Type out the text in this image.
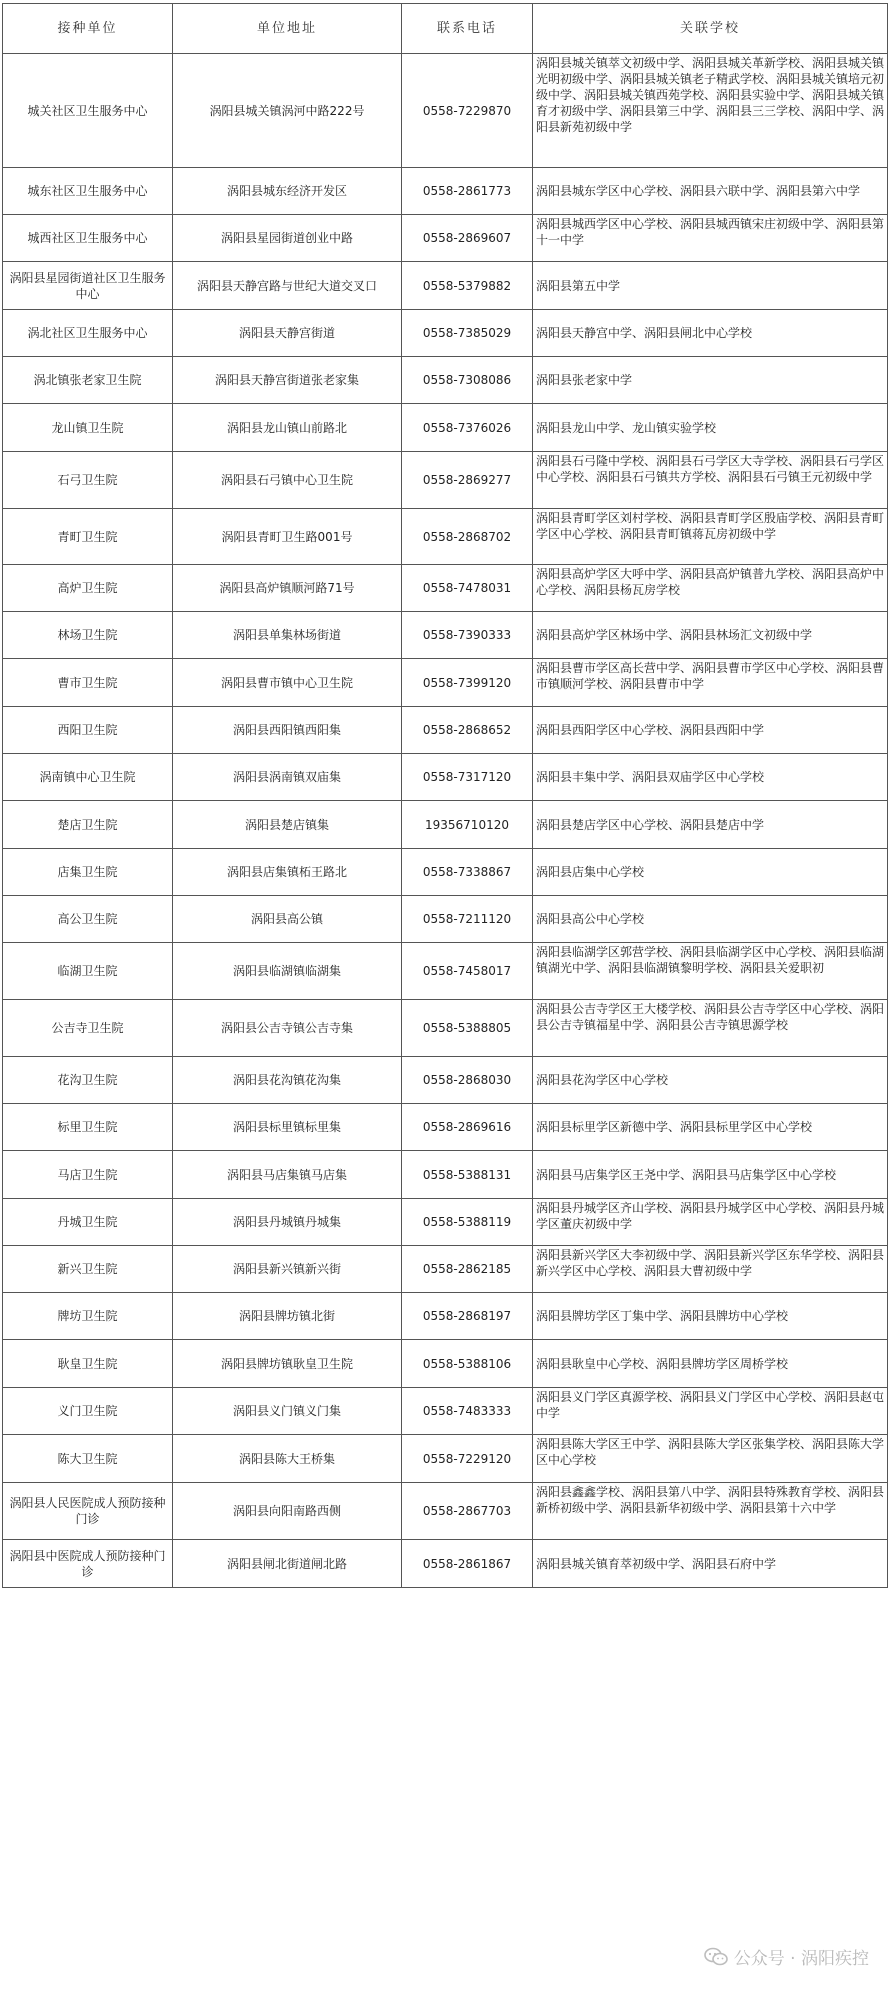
接种单位	单位地址	联系电话	关联学校
城关社区卫生服务中心	涡阳县城关镇涡河中路222号	0558-7229870	涡阳县城关镇萃文初级中学、涡阳县城关革新学校、涡阳县城关镇光明初级中学、涡阳县城关镇老子精武学校、涡阳县城关镇培元初级中学、涡阳县城关镇西苑学校、涡阳县实验中学、涡阳县城关镇育才初级中学、涡阳县第三中学、涡阳县三三学校、涡阳中学、涡阳县新苑初级中学
城东社区卫生服务中心	涡阳县城东经济开发区	0558-2861773	涡阳县城东学区中心学校、涡阳县六联中学、涡阳县第六中学
城西社区卫生服务中心	涡阳县星园街道创业中路	0558-2869607	涡阳县城西学区中心学校、涡阳县城西镇宋庄初级中学、涡阳县第十一中学
涡阳县星园街道社区卫生服务中心	涡阳县天静宫路与世纪大道交叉口	0558-5379882	涡阳县第五中学
涡北社区卫生服务中心	涡阳县天静宫街道	0558-7385029	涡阳县天静宫中学、涡阳县闸北中心学校
涡北镇张老家卫生院	涡阳县天静宫街道张老家集	0558-7308086	涡阳县张老家中学
龙山镇卫生院	涡阳县龙山镇山前路北	0558-7376026	涡阳县龙山中学、龙山镇实验学校
石弓卫生院	涡阳县石弓镇中心卫生院	0558-2869277	涡阳县石弓隆中学校、涡阳县石弓学区大寺学校、涡阳县石弓学区中心学校、涡阳县石弓镇共方学校、涡阳县石弓镇王元初级中学
青町卫生院	涡阳县青町卫生路001号	0558-2868702	涡阳县青町学区刘村学校、涡阳县青町学区殷庙学校、涡阳县青町学区中心学校、涡阳县青町镇蒋瓦房初级中学
高炉卫生院	涡阳县高炉镇顺河路71号	0558-7478031	涡阳县高炉学区大呼中学、涡阳县高炉镇普九学校、涡阳县高炉中心学校、涡阳县杨瓦房学校
林场卫生院	涡阳县单集林场街道	0558-7390333	涡阳县高炉学区林场中学、涡阳县林场汇文初级中学
曹市卫生院	涡阳县曹市镇中心卫生院	0558-7399120	涡阳县曹市学区高长营中学、涡阳县曹市学区中心学校、涡阳县曹市镇顺河学校、涡阳县曹市中学
西阳卫生院	涡阳县西阳镇西阳集	0558-2868652	涡阳县西阳学区中心学校、涡阳县西阳中学
涡南镇中心卫生院	涡阳县涡南镇双庙集	0558-7317120	涡阳县丰集中学、涡阳县双庙学区中心学校
楚店卫生院	涡阳县楚店镇集	19356710120	涡阳县楚店学区中心学校、涡阳县楚店中学
店集卫生院	涡阳县店集镇柘王路北	0558-7338867	涡阳县店集中心学校
高公卫生院	涡阳县高公镇	0558-7211120	涡阳县高公中心学校
临湖卫生院	涡阳县临湖镇临湖集	0558-7458017	涡阳县临湖学区郭营学校、涡阳县临湖学区中心学校、涡阳县临湖镇湖光中学、涡阳县临湖镇黎明学校、涡阳县关爱职初
公吉寺卫生院	涡阳县公吉寺镇公吉寺集	0558-5388805	涡阳县公吉寺学区王大楼学校、涡阳县公吉寺学区中心学校、涡阳县公吉寺镇福星中学、涡阳县公吉寺镇思源学校
花沟卫生院	涡阳县花沟镇花沟集	0558-2868030	涡阳县花沟学区中心学校
标里卫生院	涡阳县标里镇标里集	0558-2869616	涡阳县标里学区新德中学、涡阳县标里学区中心学校
马店卫生院	涡阳县马店集镇马店集	0558-5388131	涡阳县马店集学区王尧中学、涡阳县马店集学区中心学校
丹城卫生院	涡阳县丹城镇丹城集	0558-5388119	涡阳县丹城学区齐山学校、涡阳县丹城学区中心学校、涡阳县丹城学区董庆初级中学
新兴卫生院	涡阳县新兴镇新兴街	0558-2862185	涡阳县新兴学区大李初级中学、涡阳县新兴学区东华学校、涡阳县新兴学区中心学校、涡阳县大曹初级中学
牌坊卫生院	涡阳县牌坊镇北街	0558-2868197	涡阳县牌坊学区丁集中学、涡阳县牌坊中心学校
耿皇卫生院	涡阳县牌坊镇耿皇卫生院	0558-5388106	涡阳县耿皇中心学校、涡阳县牌坊学区周桥学校
义门卫生院	涡阳县义门镇义门集	0558-7483333	涡阳县义门学区真源学校、涡阳县义门学区中心学校、涡阳县赵屯中学
陈大卫生院	涡阳县陈大王桥集	0558-7229120	涡阳县陈大学区王中学、涡阳县陈大学区张集学校、涡阳县陈大学区中心学校
涡阳县人民医院成人预防接种门诊	涡阳县向阳南路西侧	0558-2867703	涡阳县鑫鑫学校、涡阳县第八中学、涡阳县特殊教育学校、涡阳县新桥初级中学、涡阳县新华初级中学、涡阳县第十六中学
涡阳县中医院成人预防接种门诊	涡阳县闸北街道闸北路	0558-2861867	涡阳县城关镇育萃初级中学、涡阳县石府中学
公众号 · 涡阳疾控
